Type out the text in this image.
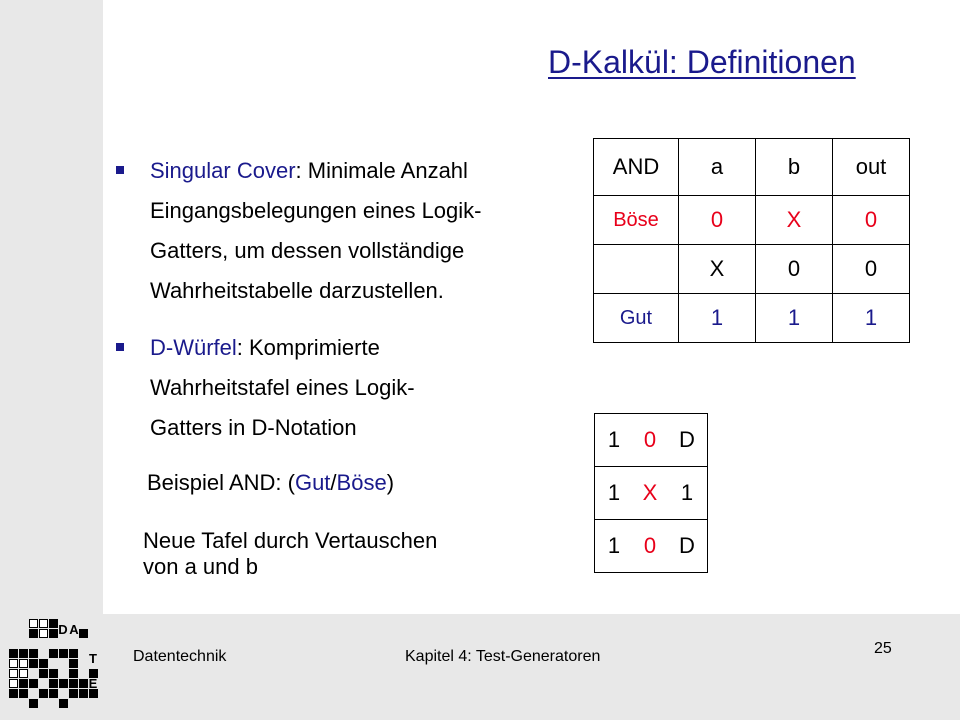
D-Kalkül: Definitionen
Singular Cover: Minimale Anzahl
Eingangsbelegungen eines Logik-
Gatters, um dessen vollständige
Wahrheitstabelle darzustellen.
D-Würfel: Komprimierte
Wahrheitstafel eines Logik-
Gatters in D-Notation
Beispiel AND: (Gut/Böse)
Neue Tafel durch Vertauschen
von a und b
AND	a	b	out
Böse	0	X	0
	X	0	0
Gut	1	1	1
1	0	D
1	X	1
1	0	D
D A
T
E
Datentechnik	Kapitel 4: Test-Generatoren	25
